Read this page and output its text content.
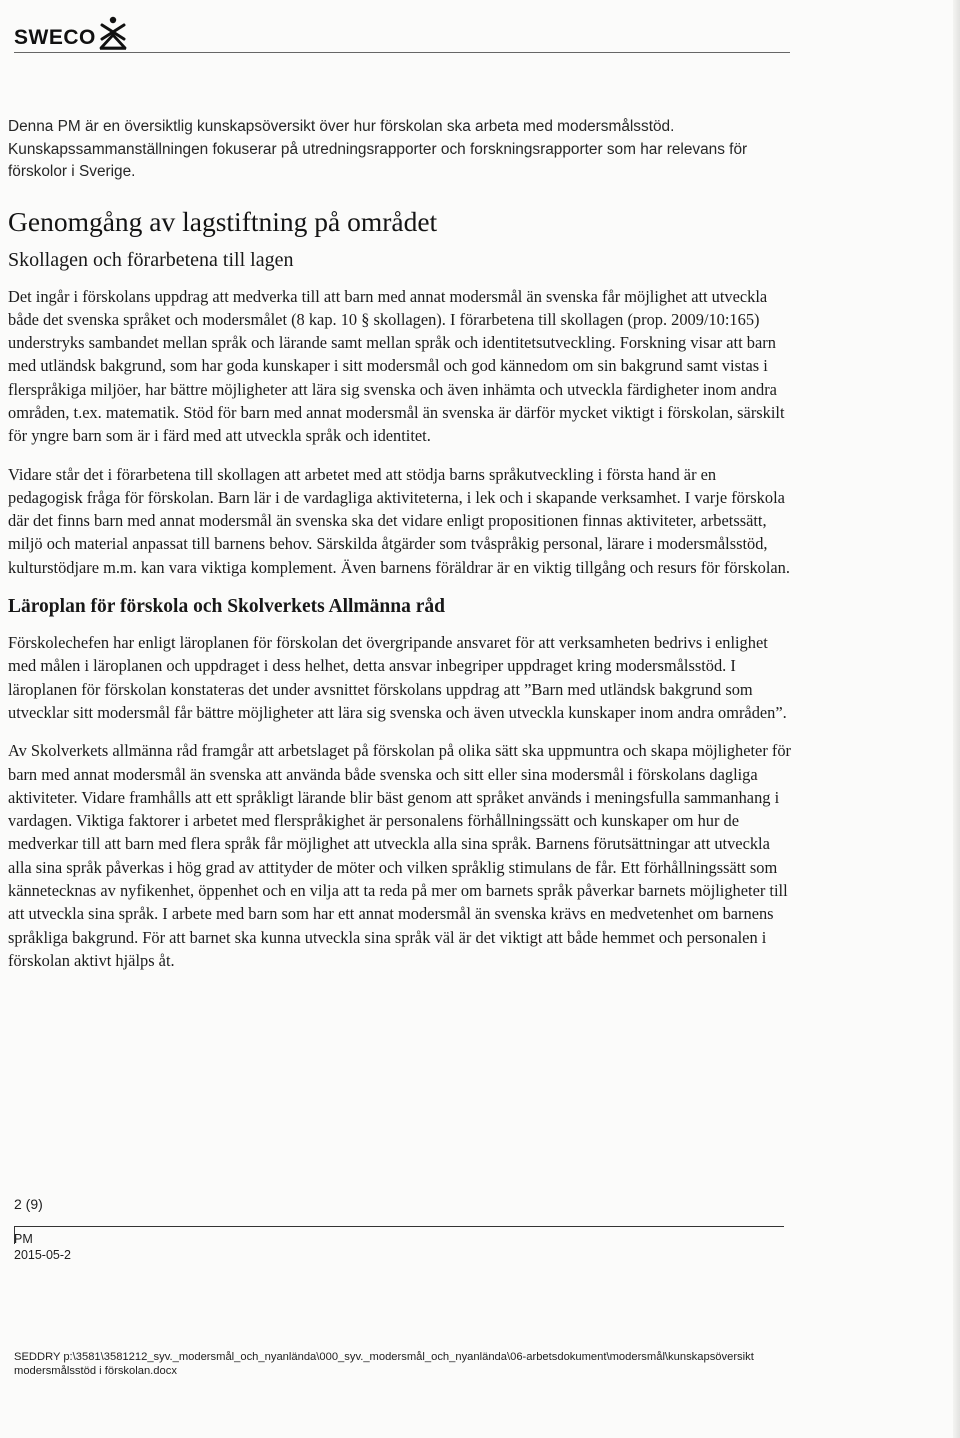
SWECO

Denna PM är en översiktlig kunskapsöversikt över hur förskolan ska arbeta med modersmålsstöd. Kunskapssammanställningen fokuserar på utredningsrapporter och forskningsrapporter som har relevans för förskolor i Sverige.

Genomgång av lagstiftning på området
Skollagen och förarbetena till lagen

Det ingår i förskolans uppdrag att medverka till att barn med annat modersmål än svenska får möjlighet att utveckla både det svenska språket och modersmålet (8 kap. 10 § skollagen). I förarbetena till skollagen (prop. 2009/10:165) understryks sambandet mellan språk och lärande samt mellan språk och identitetsutveckling. Forskning visar att barn med utländsk bakgrund, som har goda kunskaper i sitt modersmål och god kännedom om sin bakgrund samt vistas i flerspråkiga miljöer, har bättre möjligheter att lära sig svenska och även inhämta och utveckla färdigheter inom andra områden, t.ex. matematik. Stöd för barn med annat modersmål än svenska är därför mycket viktigt i förskolan, särskilt för yngre barn som är i färd med att utveckla språk och identitet.

Vidare står det i förarbetena till skollagen att arbetet med att stödja barns språkutveckling i första hand är en pedagogisk fråga för förskolan. Barn lär i de vardagliga aktiviteterna, i lek och i skapande verksamhet. I varje förskola där det finns barn med annat modersmål än svenska ska det vidare enligt propositionen finnas aktiviteter, arbetssätt, miljö och material anpassat till barnens behov. Särskilda åtgärder som tvåspråkig personal, lärare i modersmålsstöd, kulturstödjare m.m. kan vara viktiga komplement. Även barnens föräldrar är en viktig tillgång och resurs för förskolan.

Läroplan för förskola och Skolverkets Allmänna råd

Förskolechefen har enligt läroplanen för förskolan det övergripande ansvaret för att verksamheten bedrivs i enlighet med målen i läroplanen och uppdraget i dess helhet, detta ansvar inbegriper uppdraget kring modersmålsstöd. I läroplanen för förskolan konstateras det under avsnittet förskolans uppdrag att ”Barn med utländsk bakgrund som utvecklar sitt modersmål får bättre möjligheter att lära sig svenska och även utveckla kunskaper inom andra områden”.

Av Skolverkets allmänna råd framgår att arbetslaget på förskolan på olika sätt ska uppmuntra och skapa möjligheter för barn med annat modersmål än svenska att använda både svenska och sitt eller sina modersmål i förskolans dagliga aktiviteter. Vidare framhålls att ett språkligt lärande blir bäst genom att språket används i meningsfulla sammanhang i vardagen. Viktiga faktorer i arbetet med flerspråkighet är personalens förhållningssätt och kunskaper om hur de medverkar till att barn med flera språk får möjlighet att utveckla alla sina språk. Barnens förutsättningar att utveckla alla sina språk påverkas i hög grad av attityder de möter och vilken språklig stimulans de får. Ett förhållningssätt som kännetecknas av nyfikenhet, öppenhet och en vilja att ta reda på mer om barnets språk påverkar barnets möjligheter till att utveckla sina språk. I arbete med barn som har ett annat modersmål än svenska krävs en medvetenhet om barnens språkliga bakgrund. För att barnet ska kunna utveckla sina språk väl är det viktigt att både hemmet och personalen i förskolan aktivt hjälps åt.

2 (9)
PM
2015-05-2
SEDDRY p:\3581\3581212_syv._modersmål_och_nyanlända\000_syv._modersmål_och_nyanlända\06-arbetsdokument\modersmål\kunskapsöversikt
modersmålsstöd i förskolan.docx
